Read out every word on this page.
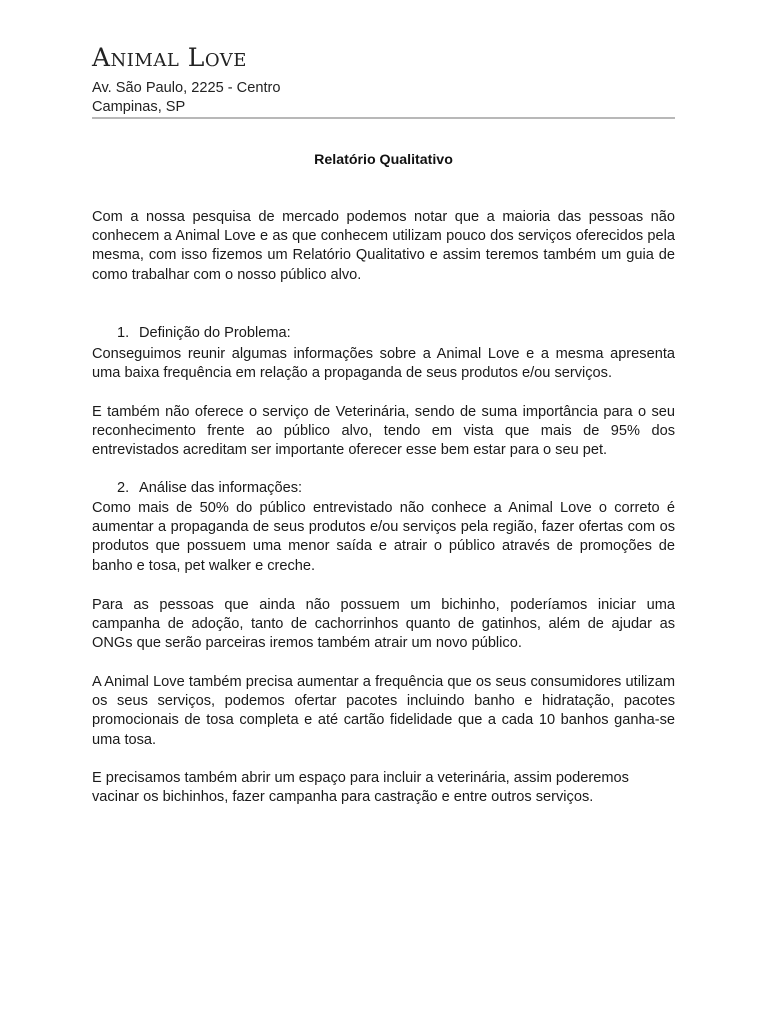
Animal Love
Av. São Paulo, 2225 - Centro
Campinas, SP
Relatório Qualitativo

Com a nossa pesquisa de mercado podemos notar que a maioria das pessoas não conhecem a Animal Love e as que conhecem utilizam pouco dos serviços oferecidos pela mesma, com isso fizemos um Relatório Qualitativo e assim teremos também um guia de como trabalhar com o nosso público alvo.

1. Definição do Problema:

Conseguimos reunir algumas informações sobre a Animal Love e a mesma apresenta uma baixa frequência em relação a propaganda de seus produtos e/ou serviços.

E também não oferece o serviço de Veterinária, sendo de suma importância para o seu reconhecimento frente ao público alvo, tendo em vista que mais de 95% dos entrevistados acreditam ser importante oferecer esse bem estar para o seu pet.

2. Análise das informações:

Como mais de 50% do público entrevistado não conhece a Animal Love o correto é aumentar a propaganda de seus produtos e/ou serviços pela região, fazer ofertas com os produtos que possuem uma menor saída e atrair o público através de promoções de banho e tosa, pet walker e creche.

Para as pessoas que ainda não possuem um bichinho, poderíamos iniciar uma campanha de adoção, tanto de cachorrinhos quanto de gatinhos, além de ajudar as ONGs que serão parceiras iremos também atrair um novo público.

A Animal Love também precisa aumentar a frequência que os seus consumidores utilizam os seus serviços, podemos ofertar pacotes incluindo banho e hidratação, pacotes promocionais de tosa completa e até cartão fidelidade que a cada 10 banhos ganha-se uma tosa.

E precisamos também abrir um espaço para incluir a veterinária, assim poderemos vacinar os bichinhos, fazer campanha para castração e entre outros serviços.
